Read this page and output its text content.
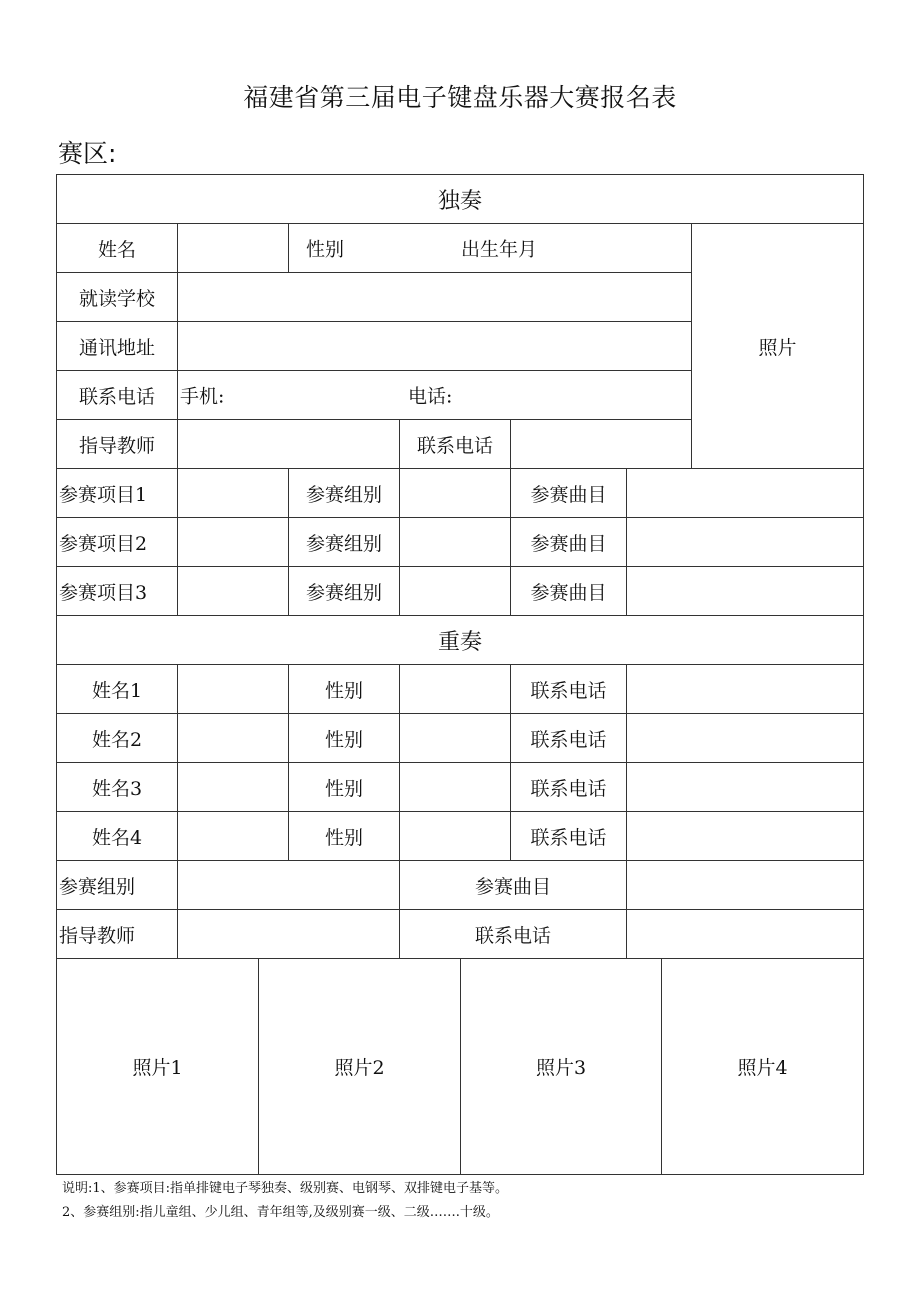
福建省第三届电子键盘乐器大赛报名表
赛区:
独奏
姓名	性别	出生年月
照片
就读学校
通讯地址
联系电话	手机:	电话:
指导教师	联系电话
参赛项目1	参赛组别	参赛曲目
参赛项目2	参赛组别	参赛曲目
参赛项目3	参赛组别	参赛曲目
重奏
姓名1	性别	联系电话
姓名2	性别	联系电话
姓名3	性别	联系电话
姓名4	性别	联系电话
参赛组别	参赛曲目
指导教师	联系电话
照片1	照片2	照片3	照片4
说明:1、参赛项目:指单排键电子琴独奏、级别赛、电钢琴、双排键电子基等。
2、参赛组别:指儿童组、少儿组、青年组等,及级别赛一级、二级…….十级。
